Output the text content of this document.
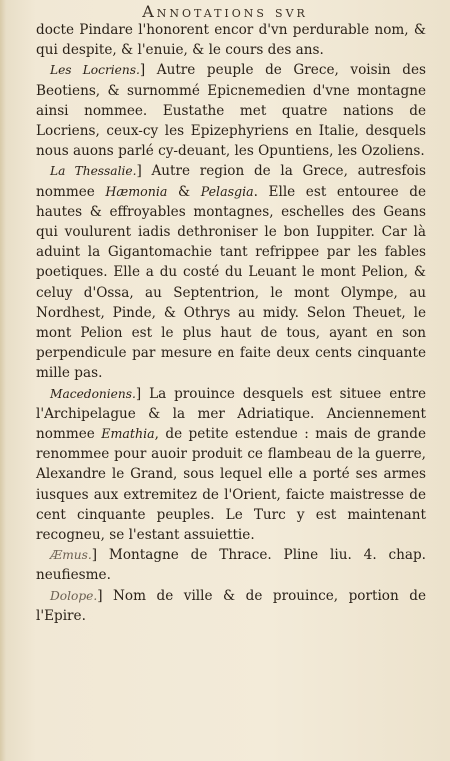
Annotations svr

docte Pindare l'honorent encor d'vn perdurable nom, & qui despite, & l'enuie, & le cours des ans.

Les Locriens.] Autre peuple de Grece, voisin des Beotiens, & surnommé Epicnemedien d'vne montagne ainsi nommee. Eustathe met quatre nations de Locriens, ceux-cy les Epizephyriens en Italie, desquels nous auons parlé cy-deuant, les Opuntiens, les Ozoliens.

La Thessalie.] Autre region de la Grece, autresfois nommee Hæmonia & Pelasgia. Elle est entouree de hautes & effroyables montagnes, eschelles des Geans qui voulurent iadis dethroniser le bon Iuppiter. Car là aduint la Gigantomachie tant refrippee par les fables poetiques. Elle a du costé du Leuant le mont Pelion, & celuy d'Ossa, au Septentrion, le mont Olympe, au Nordhest, Pinde, & Othrys au midy. Selon Theuet, le mont Pelion est le plus haut de tous, ayant en son perpendicule par mesure en faite deux cents cinquante mille pas.

Macedoniens.] La prouince desquels est situee entre l'Archipelague & la mer Adriatique. Anciennement nommee Emathia, de petite estendue : mais de grande renommee pour auoir produit ce flambeau de la guerre, Alexandre le Grand, sous lequel elle a porté ses armes iusques aux extremitez de l'Orient, faicte maistresse de cent cinquante peuples. Le Turc y est maintenant recogneu, se l'estant assuiettie.

Æmus.] Montagne de Thrace. Pline liu. 4. chap. neufiesme.

Dolope.] Nom de ville & de prouince, portion de l'Epire.
